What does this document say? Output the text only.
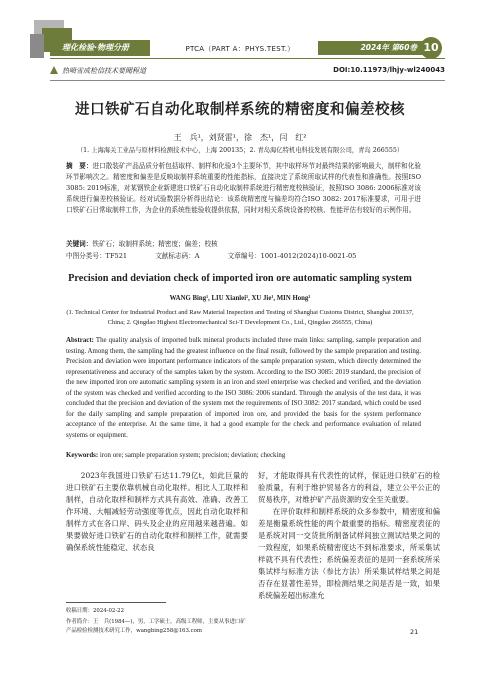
理化检验·物理分册	PTCA（PART A：PHYS.TEST.）	2024年 第60卷 10
热喷雪成检信技术要聞程道	DOI:10.11973/lhjy-wl240043
进口铁矿石自动化取制样系统的精密度和偏差校核
王　兵¹，刘贤雷¹，徐　杰¹，闫　红²
（1. 上海海关工业品与原材料检测技术中心，上海 200135；2. 青岛海亿特机电科技发展有限公司，青岛 266555）
摘　要：进口散装矿产品品质分析包括取样、制样和化验3个主要环节，其中取样环节对最终结果的影响最大，制样和化验环节影响次之。精密度和偏差是反映取制样系统重要的性能指标，直接决定了系统所取试样的代表性和准确性。按照ISO 3085: 2019标准，对某钢铁企业新建进口铁矿石自动化取制样系统进行精密度校核验证，按照ISO 3086: 2006标准对该系统进行偏差校核验证。经对试验数据分析得出结论：该系统精密度与偏差均符合ISO 3082: 2017标准要求，可用于进口铁矿石日常取制样工作，为企业的系统性能验收提供依据，同时对相关系统设备的校核、性能评估有较好的示例作用。
关键词：铁矿石；取制样系统；精密度；偏差；校核
中图分类号：TF521	文献标志码：A	文章编号：1001-4012(2024)10-0021-05
Precision and deviation check of imported iron ore automatic sampling system
WANG Bing¹, LIU Xianlei¹, XU Jie¹, MIN Hong²
(1. Technical Center for Industrial Product and Raw Material Inspection and Testing of Shanghai Customs District, Shanghai 200137, China; 2. Qingdao Highest Electromechanical Sci-T Development Co., Ltd., Qingdao 266555, China)
Abstract: The quality analysis of imported bulk mineral products included three main links: sampling, sample preparation and testing. Among them, the sampling had the greatest influence on the final result, followed by the sample preparation and testing. Precision and deviation were important performance indicators of the sample preparation system, which directly determined the representativeness and accuracy of the samples taken by the system. According to the ISO 3085: 2019 standard, the precision of the new imported iron ore automatic sampling system in an iron and steel enterprise was checked and verified, and the deviation of the system was checked and verified according to the ISO 3086: 2006 standard. Through the analysis of the test data, it was concluded that the precision and deviation of the system met the requirements of ISO 3082: 2017 standard, which could be used for the daily sampling and sample preparation of imported iron ore, and provided the basis for the system performance acceptance of the enterprise. At the same time, it had a good example for the check and performance evaluation of related systems or equipment.
Keywords: iron ore; sample preparation system; precision; deviation; checking

2023年我国进口铁矿石达11.79亿t，如此巨量的进口铁矿石主要依靠机械自动化取样。相比人工取样和制样，自动化取样和制样方式具有高效、准确、改善工作环境、大幅减轻劳动强度等优点，因此自动化取样和制样方式在各口岸、码头及企业的应用越来越普遍。如果要做好进口铁矿石的自动化取样和制样工作，就需要确保系统性能稳定、状态良

好，才能取得具有代表性的试样，保证进口铁矿石的检验质量，有利于维护贸易各方的利益，建立公平公正的贸易秩序，对维护矿产品资源的安全至关重要。

在评价取样和制样系统的众多参数中，精密度和偏差是衡量系统性能的两个最重要的指标。精密度表征的是系统对同一交货批所制备试样间独立测试结果之间的一致程度，如果系统精密度达不到标准要求，所采集试样就不具有代表性；系统偏差表征的是同一套系统所采集试样与标准方法（参比方法）所采集试样结果之间是否存在显著性差异，即检测结果之间是否是一致，如果系统偏差超出标准允

收稿日期：2024-02-22
作者简介：王　兵(1984—)，男，工学硕士，高级工程师，主要从事进口矿产品检验检测技术研究工作，wangbing258@163.com	21
